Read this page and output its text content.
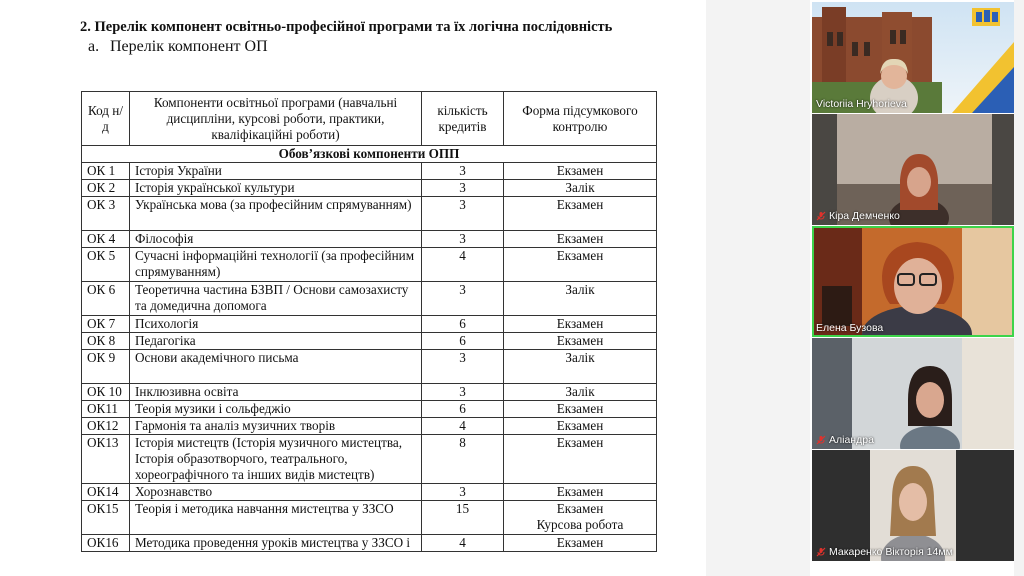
2. Перелік компонент освітньо-професійної програми та їх логічна послідовність
a. Перелік компонент ОП
Код н/д	Компоненти освітньої програми (навчальні дисципліни, курсові роботи, практики, кваліфікаційні роботи)	кількість кредитів	Форма підсумкового контролю
Обов’язкові компоненти ОПП			
ОК 1	Історія України	3	Екзамен
ОК 2	Історія української культури	3	Залік
ОК 3	Українська мова (за професійним спрямуванням)	3	Екзамен
ОК 4	Філософія	3	Екзамен
ОК 5	Сучасні інформаційні технології (за професійним спрямуванням)	4	Екзамен
ОК 6	Теоретична частина БЗВП / Основи самозахисту та домедична допомога	3	Залік
ОК 7	Психологія	6	Екзамен
ОК 8	Педагогіка	6	Екзамен
ОК 9	Основи академічного письма	3	Залік
ОК 10	Інклюзивна освіта	3	Залік
ОК11	Теорія музики і сольфеджіо	6	Екзамен
ОК12	Гармонія та аналіз музичних творів	4	Екзамен
ОК13	Історія мистецтв (Історія музичного мистецтва, Історія образотворчого, театрального, хореографічного та інших видів мистецтв)	8	Екзамен
ОК14	Хорознавство	3	Екзамен
ОК15	Теорія і методика навчання мистецтва у ЗЗСО	15	Екзамен
Курсова робота

ОК16	Методика проведення уроків мистецтва у ЗЗСО і	4	Екзамен
Victoriia Hryhorieva
Кіра Демченко
Елена Бузова
Аліандра
Макаренко Вікторія 14мм
